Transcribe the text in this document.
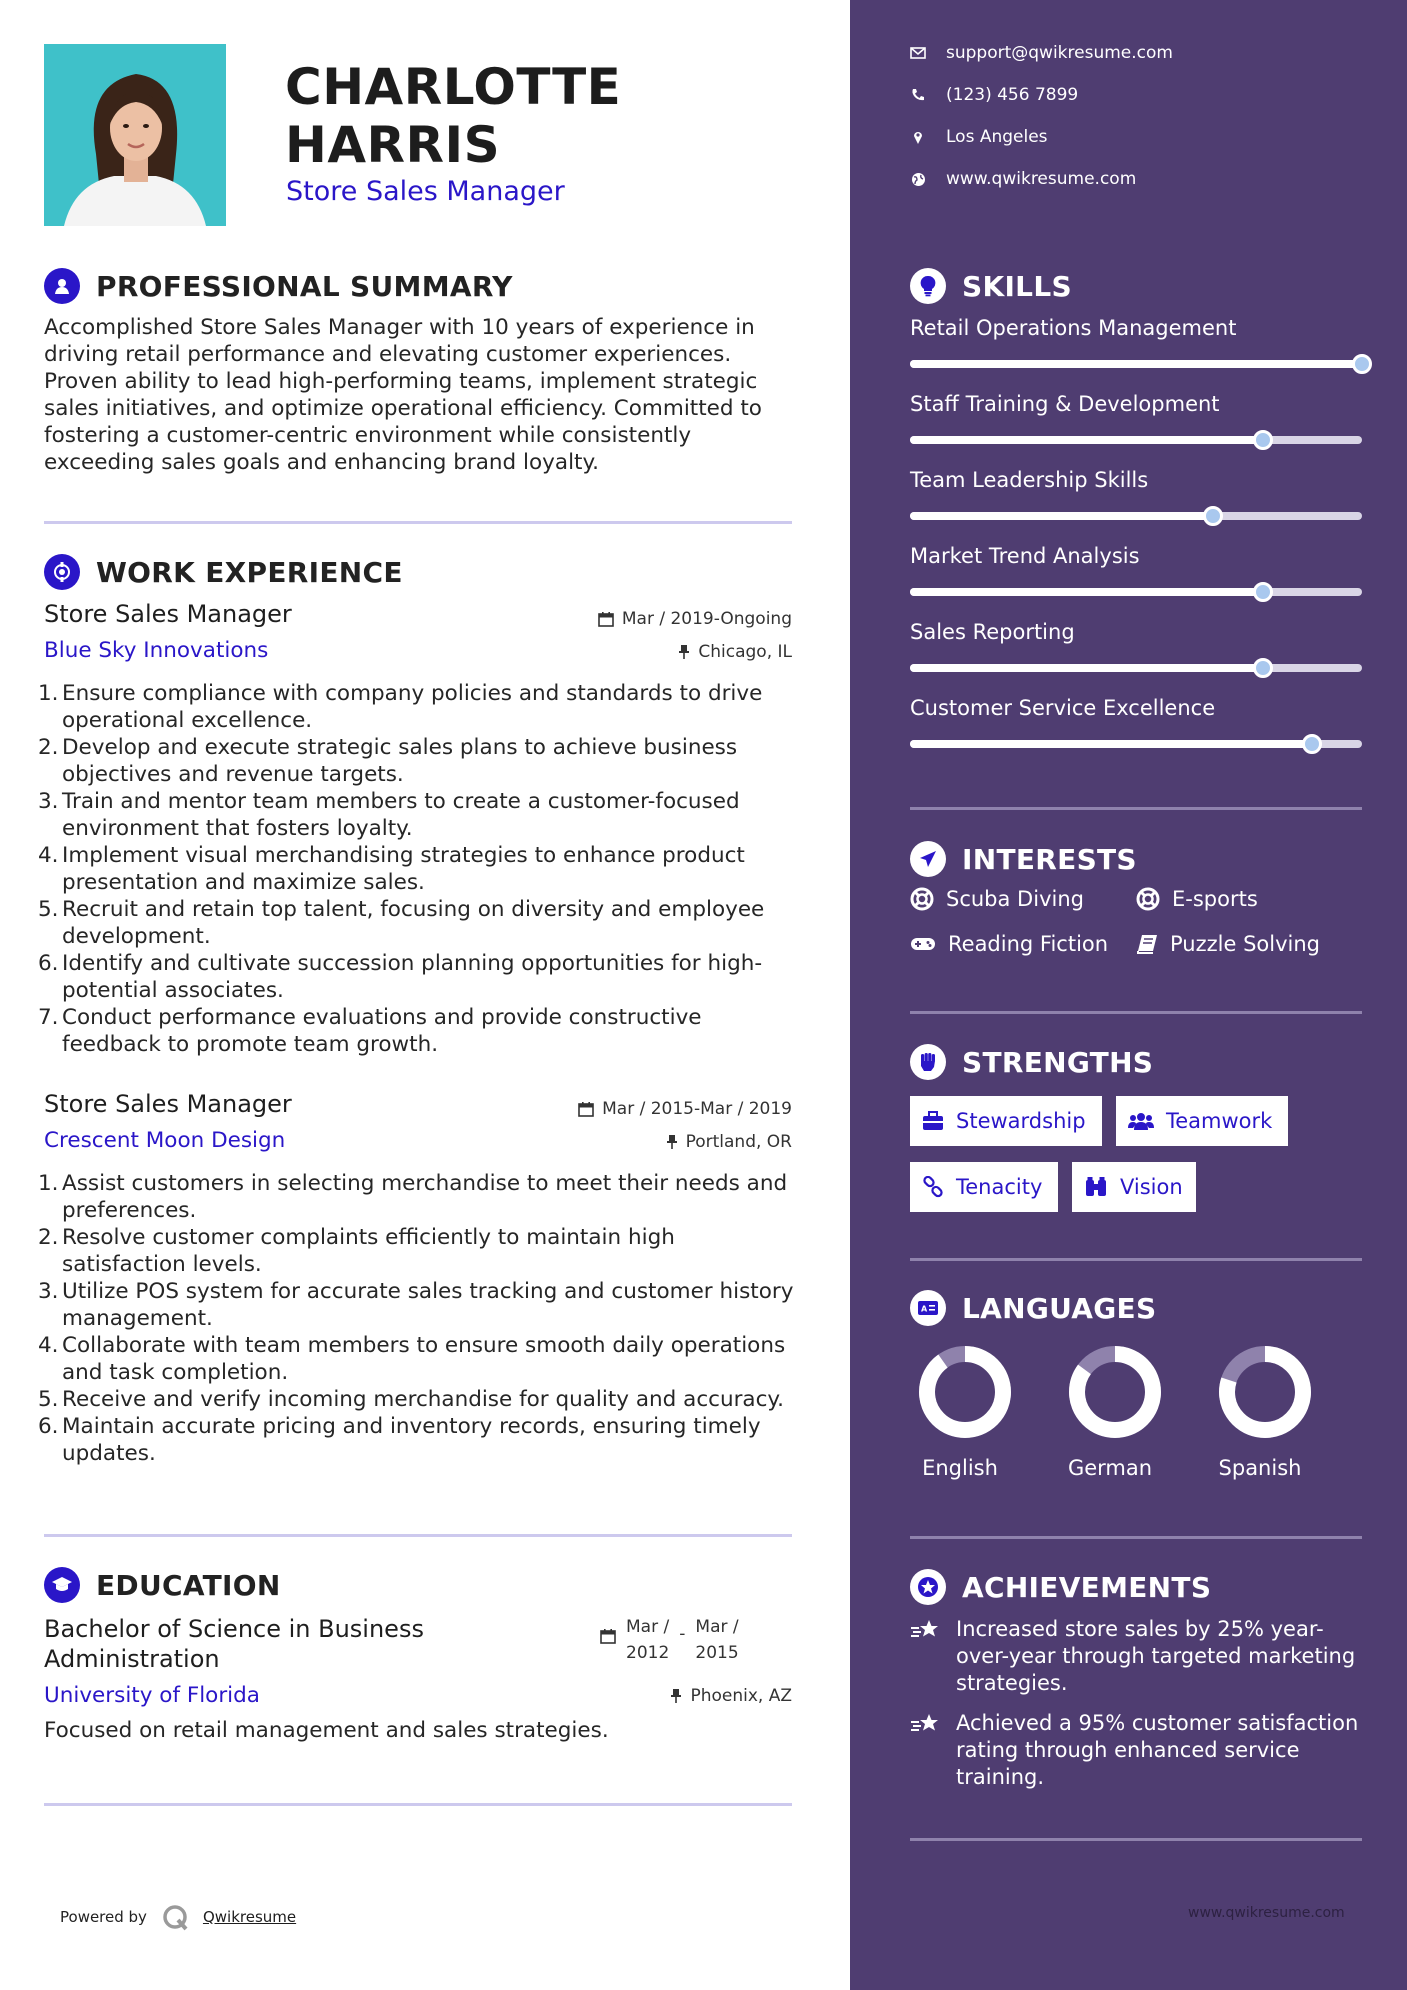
CHARLOTTE
HARRIS
Store Sales Manager
PROFESSIONAL SUMMARY
Accomplished Store Sales Manager with 10 years of experience in driving retail performance and elevating customer experiences. Proven ability to lead high-performing teams, implement strategic sales initiatives, and optimize operational efficiency. Committed to fostering a customer-centric environment while consistently exceeding sales goals and enhancing brand loyalty.
WORK EXPERIENCE
Store Sales Manager
Blue Sky Innovations
Mar / 2019-Ongoing
Chicago, IL
1. Ensure compliance with company policies and standards to drive operational excellence.
2. Develop and execute strategic sales plans to achieve business objectives and revenue targets.
3. Train and mentor team members to create a customer-focused environment that fosters loyalty.
4. Implement visual merchandising strategies to enhance product presentation and maximize sales.
5. Recruit and retain top talent, focusing on diversity and employee development.
6. Identify and cultivate succession planning opportunities for high-potential associates.
7. Conduct performance evaluations and provide constructive feedback to promote team growth.
Store Sales Manager
Crescent Moon Design
Mar / 2015-Mar / 2019
Portland, OR
1. Assist customers in selecting merchandise to meet their needs and preferences.
2. Resolve customer complaints efficiently to maintain high satisfaction levels.
3. Utilize POS system for accurate sales tracking and customer history management.
4. Collaborate with team members to ensure smooth daily operations and task completion.
5. Receive and verify incoming merchandise for quality and accuracy.
6. Maintain accurate pricing and inventory records, ensuring timely updates.
EDUCATION
Bachelor of Science in Business Administration
University of Florida
Mar /
2012
- Mar /
2015
Phoenix, AZ
Focused on retail management and sales strategies.
Powered by	Qwikresume
support@qwikresume.com
(123) 456 7899
Los Angeles
www.qwikresume.com
SKILLS
Retail Operations Management
Staff Training & Development
Team Leadership Skills
Market Trend Analysis
Sales Reporting
Customer Service Excellence
INTERESTS
Scuba Diving	E-sports
Reading Fiction	Puzzle Solving
STRENGTHS
Stewardship	Teamwork
Tenacity	Vision
A LANGUAGES
English	German	Spanish
ACHIEVEMENTS
Increased store sales by 25% year-over-year through targeted marketing strategies.
Achieved a 95% customer satisfaction rating through enhanced service training.
www.qwikresume.com
